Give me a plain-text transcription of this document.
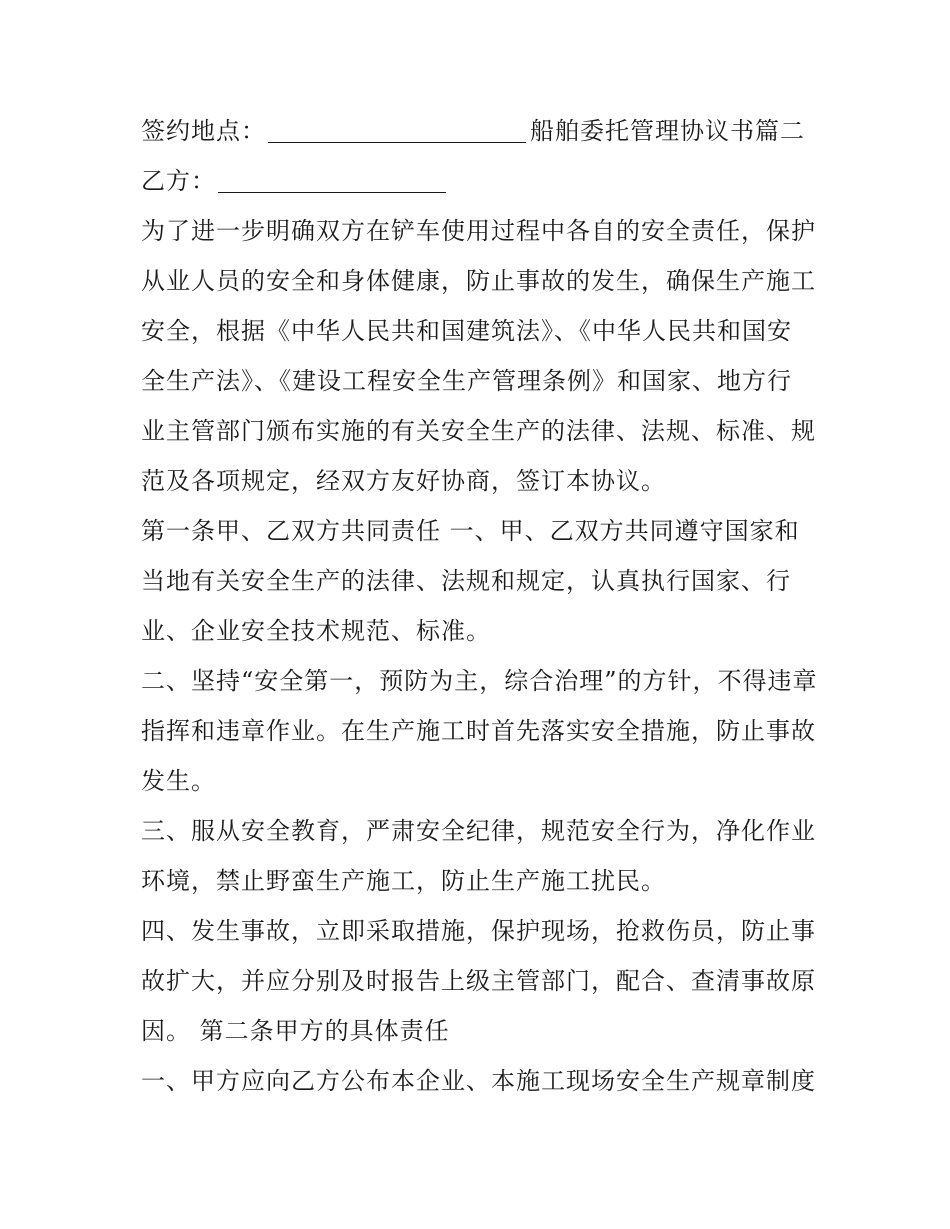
签约地点：	船舶委托管理协议书篇二
乙方：
为了进一步明确双方在铲车使用过程中各自的安全责任，保护
从业人员的安全和身体健康，防止事故的发生，确保生产施工
安全，根据《中华人民共和国建筑法》、《中华人民共和国安
全生产法》、《建设工程安全生产管理条例》和国家、地方行
业主管部门颁布实施的有关安全生产的法律、法规、标准、规
范及各项规定，经双方友好协商，签订本协议。
第一条甲、乙双方共同责任 一、甲、乙双方共同遵守国家和
当地有关安全生产的法律、法规和规定，认真执行国家、行
业、企业安全技术规范、标准。
二、坚持“安全第一，预防为主，综合治理”的方针，不得违章
指挥和违章作业。在生产施工时首先落实安全措施，防止事故
发生。
三、服从安全教育，严肃安全纪律，规范安全行为，净化作业
环境，禁止野蛮生产施工，防止生产施工扰民。
四、发生事故，立即采取措施，保护现场，抢救伤员，防止事
故扩大，并应分别及时报告上级主管部门，配合、查清事故原
因。 第二条甲方的具体责任
一、甲方应向乙方公布本企业、本施工现场安全生产规章制度
